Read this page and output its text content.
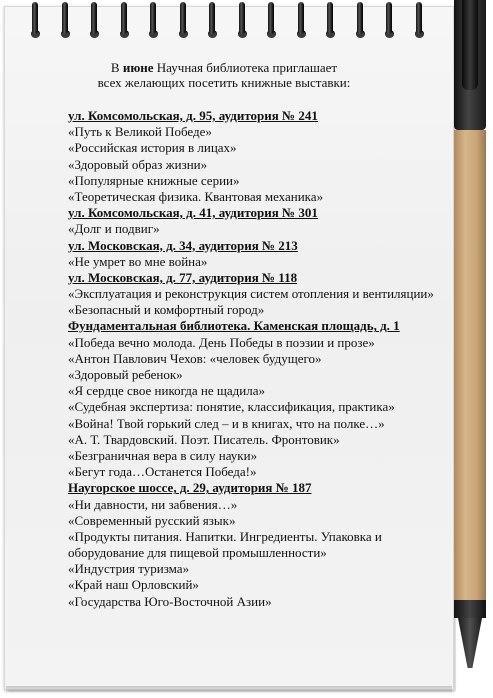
В июне Научная библиотека приглашает
всех желающих посетить книжные выставки:
ул. Комсомольская, д. 95, аудитория № 241
«Путь к Великой Победе»
«Российская история в лицах»
«Здоровый образ жизни»
«Популярные книжные серии»
«Теоретическая физика. Квантовая механика»
ул. Комсомольская, д. 41, аудитория № 301
«Долг и подвиг»
ул. Московская, д. 34, аудитория № 213
«Не умрет во мне война»
ул. Московская, д. 77, аудитория № 118
«Эксплуатация и реконструкция систем отопления и вентиляции»
«Безопасный и комфортный город»
Фундаментальная библиотека. Каменская площадь, д. 1
«Победа вечно молода. День Победы в поэзии и прозе»
«Антон Павлович Чехов: «человек будущего»
«Здоровый ребенок»
«Я сердце свое никогда не щадила»
«Судебная экспертиза: понятие, классификация, практика»
«Война! Твой горький след – и в книгах, что на полке…»
«А. Т. Твардовский. Поэт. Писатель. Фронтовик»
«Безграничная вера в силу науки»
«Бегут года…Останется Победа!»
Наугорское шоссе, д. 29, аудитория № 187
«Ни давности, ни забвения…»
«Современный русский язык»
«Продукты питания. Напитки. Ингредиенты. Упаковка и оборудование для пищевой промышленности»
«Индустрия туризма»
«Край наш Орловский»
«Государства Юго-Восточной Азии»
